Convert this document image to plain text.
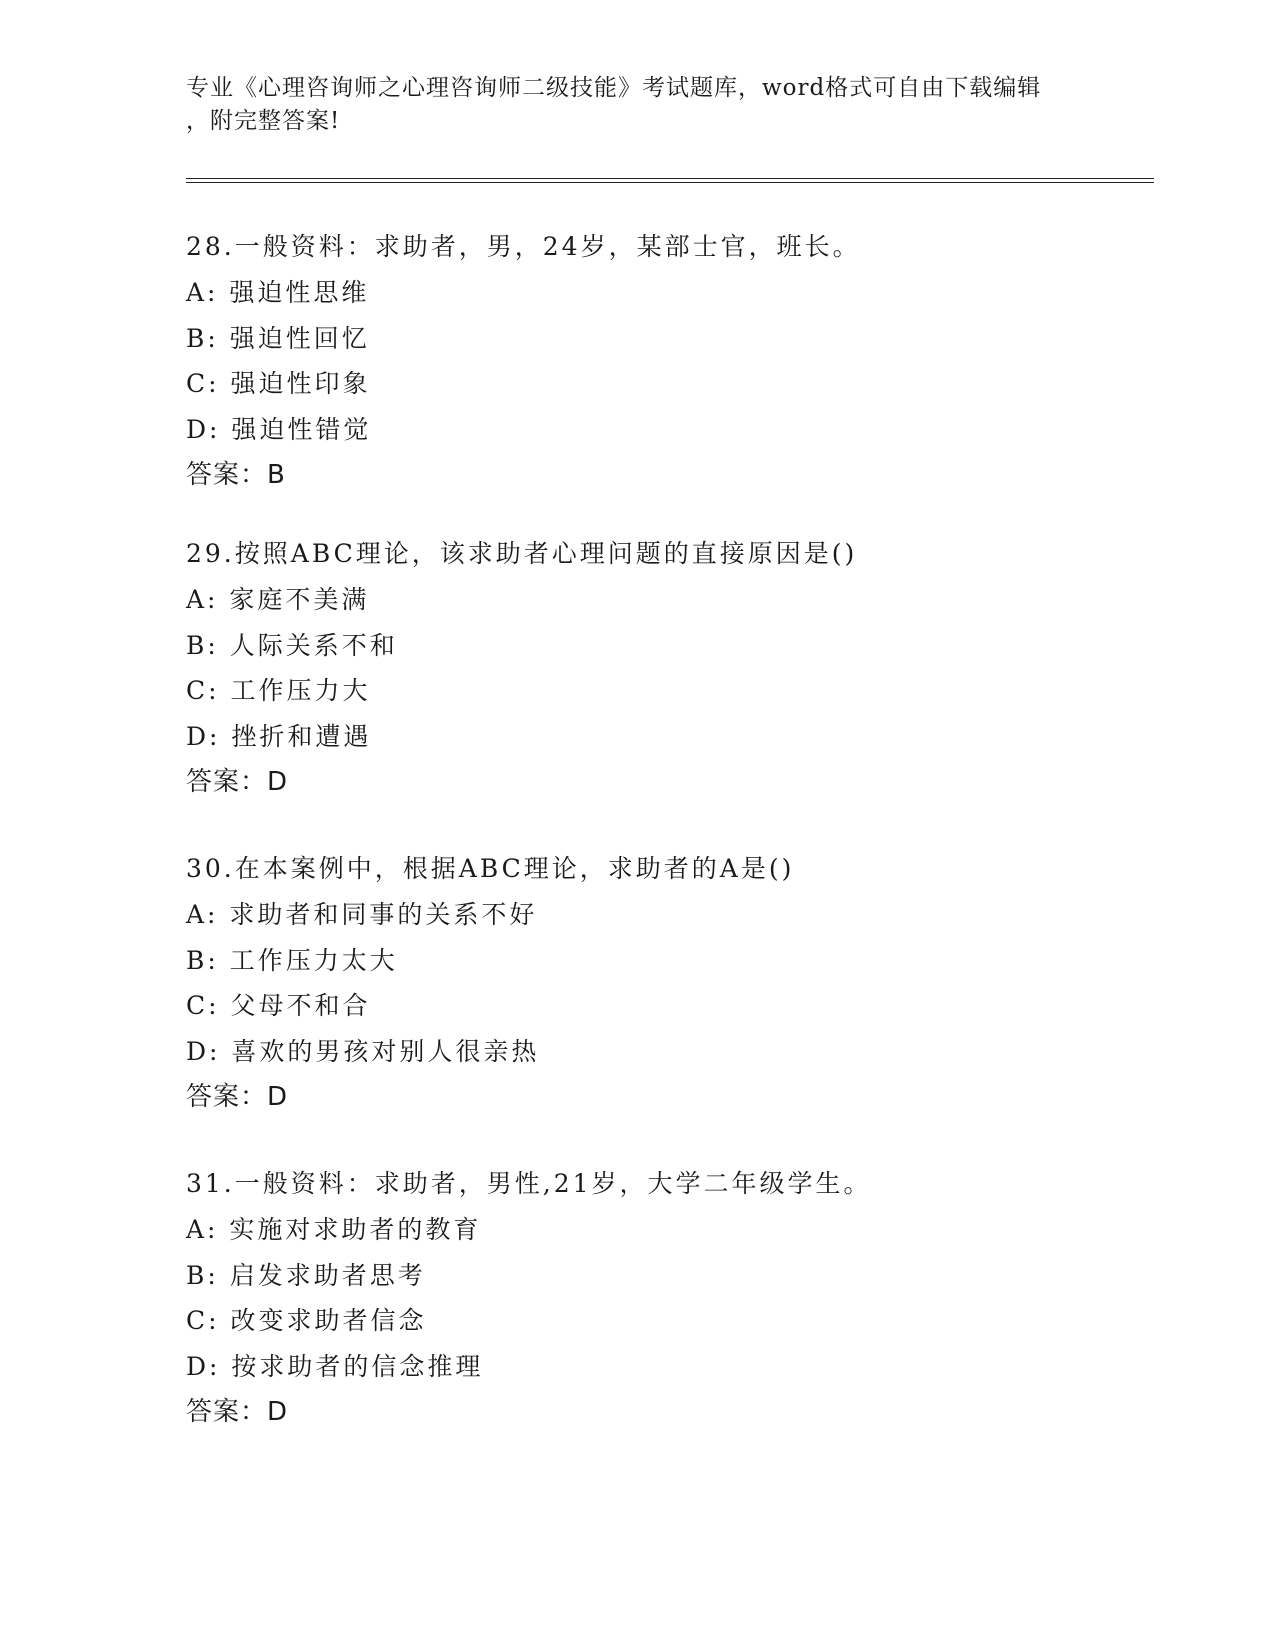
专业《心理咨询师之心理咨询师二级技能》考试题库，word格式可自由下载编辑
，附完整答案!
28.一般资料：求助者，男，24岁，某部士官，班长。
A: 强迫性思维
B: 强迫性回忆
C: 强迫性印象
D: 强迫性错觉
答案：B
29.按照ABC理论，该求助者心理问题的直接原因是()
A: 家庭不美满
B: 人际关系不和
C: 工作压力大
D: 挫折和遭遇
答案：D
30.在本案例中，根据ABC理论，求助者的A是()
A: 求助者和同事的关系不好
B: 工作压力太大
C: 父母不和合
D: 喜欢的男孩对别人很亲热
答案：D
31.一般资料：求助者，男性,21岁，大学二年级学生。
A: 实施对求助者的教育
B: 启发求助者思考
C: 改变求助者信念
D: 按求助者的信念推理
答案：D
